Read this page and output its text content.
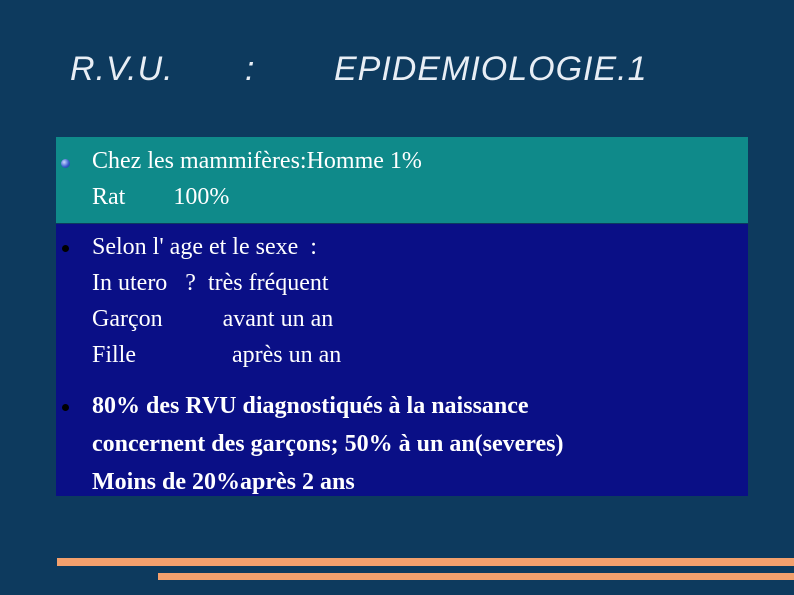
R.V.U. : EPIDEMIOLOGIE.1
Chez les mammifères:Homme 1%
Rat        100%
Selon l' age et le sexe  :
In utero   ?  très fréquent
Garçon          avant un an
Fille                après un an
80% des RVU diagnostiqués à la naissance
concernent des garçons; 50% à un an(severes)
Moins de 20%après 2 ans
